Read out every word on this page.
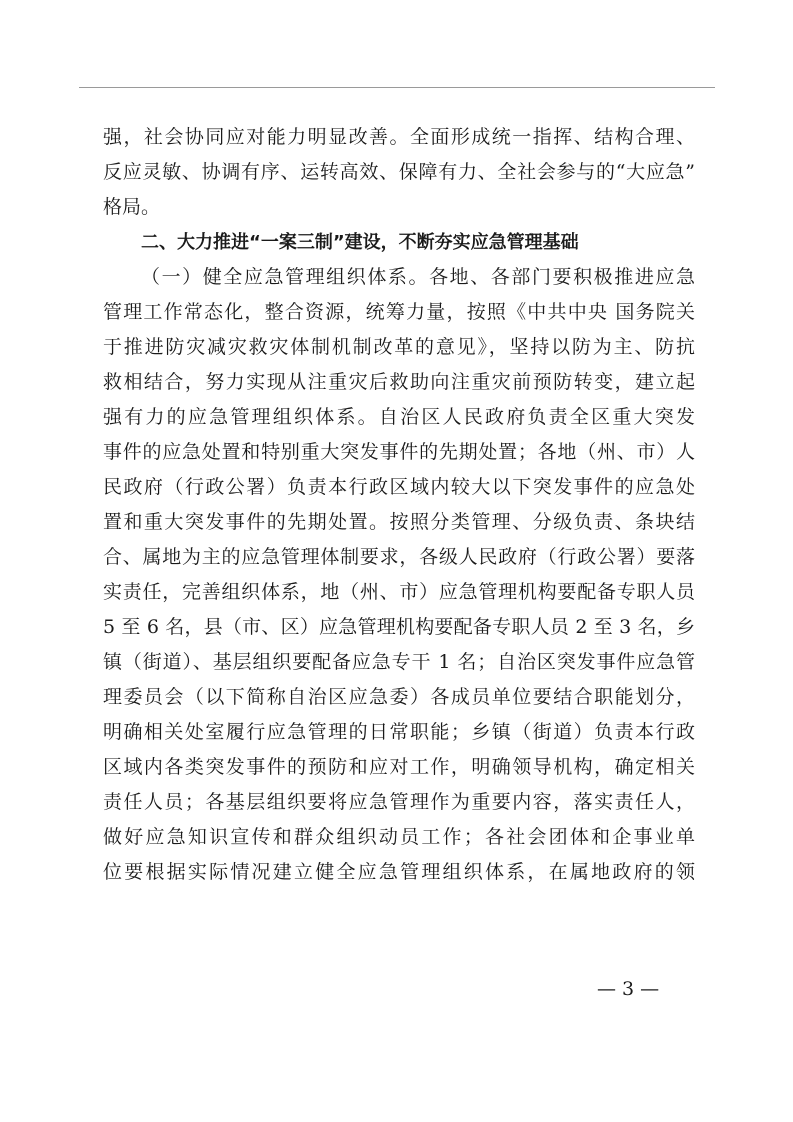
强，社会协同应对能力明显改善。全面形成统一指挥、结构合理、
反应灵敏、协调有序、运转高效、保障有力、全社会参与的“大应急”
格局。
二、大力推进“一案三制”建设，不断夯实应急管理基础
（一）健全应急管理组织体系。各地、各部门要积极推进应急
管理工作常态化，整合资源，统筹力量，按照《中共中央 国务院关
于推进防灾减灾救灾体制机制改革的意见》，坚持以防为主、防抗
救相结合，努力实现从注重灾后救助向注重灾前预防转变，建立起
强有力的应急管理组织体系。自治区人民政府负责全区重大突发
事件的应急处置和特别重大突发事件的先期处置；各地（州、市）人
民政府（行政公署）负责本行政区域内较大以下突发事件的应急处
置和重大突发事件的先期处置。按照分类管理、分级负责、条块结
合、属地为主的应急管理体制要求，各级人民政府（行政公署）要落
实责任，完善组织体系，地（州、市）应急管理机构要配备专职人员
5 至 6 名，县（市、区）应急管理机构要配备专职人员 2 至 3 名，乡
镇（街道）、基层组织要配备应急专干 1 名；自治区突发事件应急管
理委员会（以下简称自治区应急委）各成员单位要结合职能划分，
明确相关处室履行应急管理的日常职能；乡镇（街道）负责本行政
区域内各类突发事件的预防和应对工作，明确领导机构，确定相关
责任人员；各基层组织要将应急管理作为重要内容，落实责任人，
做好应急知识宣传和群众组织动员工作；各社会团体和企事业单
位要根据实际情况建立健全应急管理组织体系，在属地政府的领
— 3 —
